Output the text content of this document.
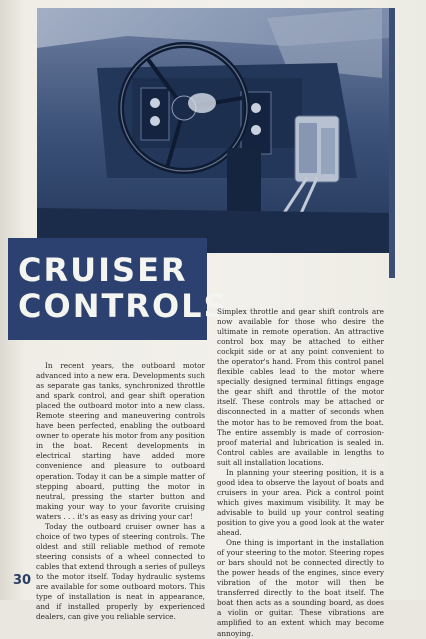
CRUISER
CONTROLS

In recent years, the outboard motor advanced into a new era. Developments such as separate gas tanks, synchronized throttle and spark control, and gear shift operation placed the outboard motor into a new class. Remote steering and maneuvering controls have been perfected, enabling the outboard owner to operate his motor from any position in the boat. Recent developments in electrical starting have added more convenience and pleasure to outboard operation. Today it can be a simple matter of stepping aboard, putting the motor in neutral, pressing the starter button and making your way to your favorite cruising waters . . . it's as easy as driving your car!

Today the outboard cruiser owner has a choice of two types of steering controls. The oldest and still reliable method of remote steering consists of a wheel connected to cables that extend through a series of pulleys to the motor itself. Today hydraulic systems are available for some outboard motors. This type of installation is neat in appearance, and if installed properly by experienced dealers, can give you reliable service.

Simplex throttle and gear shift controls are now available for those who desire the ultimate in remote operation. An attractive control box may be attached to either cockpit side or at any point convenient to the operator's hand. From this control panel flexible cables lead to the motor where specially designed terminal fittings engage the gear shift and throttle of the motor itself. These controls may be attached or disconnected in a matter of seconds when the motor has to be removed from the boat. The entire assembly is made of corrosion-proof material and lubrication is sealed in. Control cables are available in lengths to suit all installation locations.

In planning your steering position, it is a good idea to observe the layout of boats and cruisers in your area. Pick a control point which gives maximum visibility. It may be advisable to build up your control seating position to give you a good look at the water ahead.

One thing is important in the installation of your steering to the motor. Steering ropes or bars should not be connected directly to the power heads of the engines, since every vibration of the motor will then be transferred directly to the boat itself. The boat then acts as a sounding board, as does a violin or guitar. These vibrations are amplified to an extent which may become annoying.

30
